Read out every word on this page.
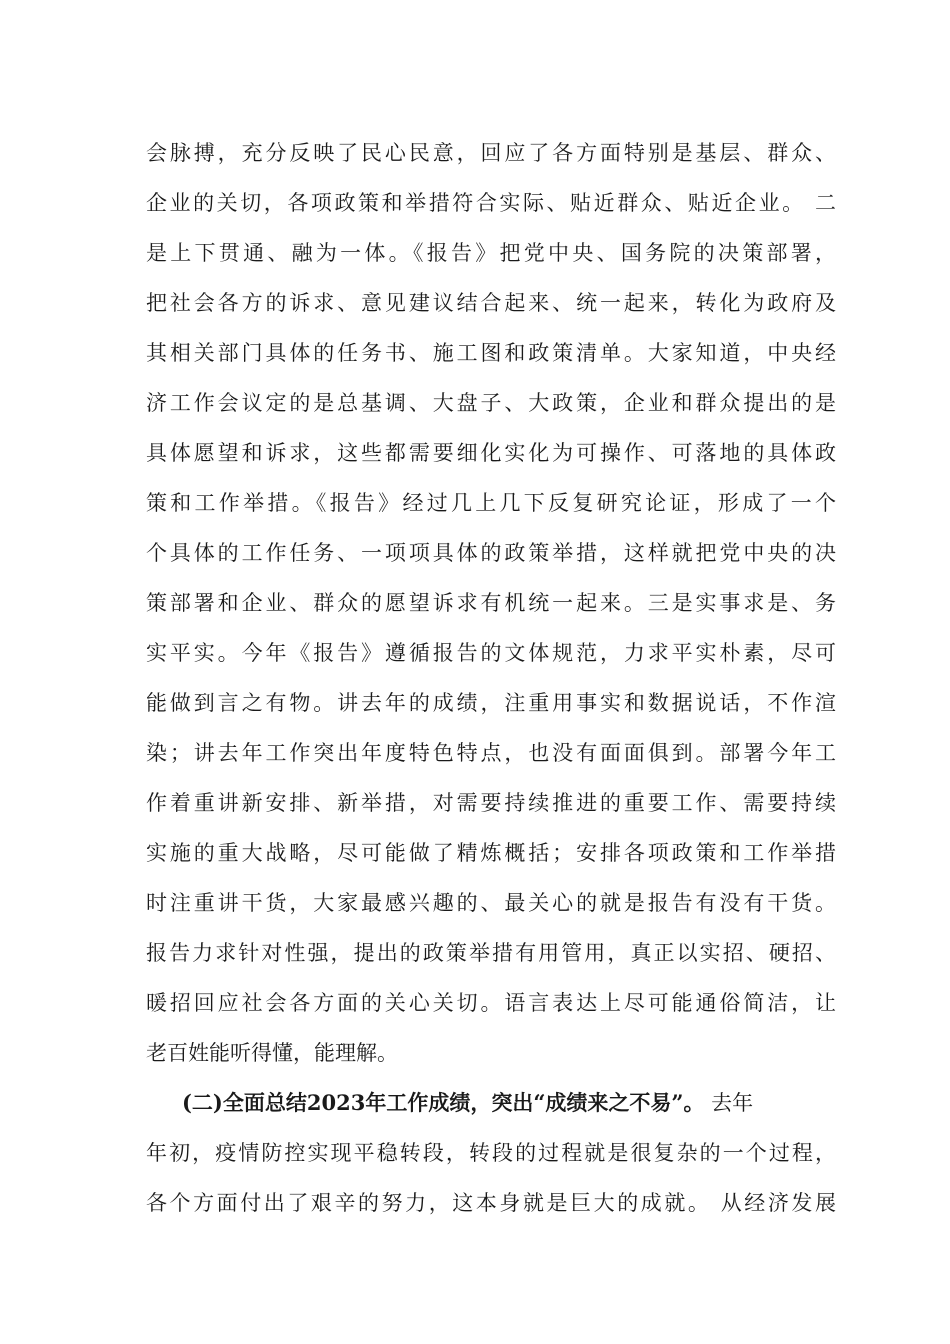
会脉搏，充分反映了民心民意，回应了各方面特别是基层、群众、
企业的关切，各项政策和举措符合实际、贴近群众、贴近企业。 二
是上下贯通、融为一体。《报告》把党中央、国务院的决策部署，
把社会各方的诉求、意见建议结合起来、统一起来，转化为政府及
其相关部门具体的任务书、施工图和政策清单。大家知道，中央经
济工作会议定的是总基调、大盘子、大政策，企业和群众提出的是
具体愿望和诉求，这些都需要细化实化为可操作、可落地的具体政
策和工作举措。《报告》经过几上几下反复研究论证，形成了一个
个具体的工作任务、一项项具体的政策举措，这样就把党中央的决
策部署和企业、群众的愿望诉求有机统一起来。三是实事求是、务
实平实。今年《报告》遵循报告的文体规范，力求平实朴素，尽可
能做到言之有物。讲去年的成绩，注重用事实和数据说话，不作渲
染；讲去年工作突出年度特色特点，也没有面面俱到。部署今年工
作着重讲新安排、新举措，对需要持续推进的重要工作、需要持续
实施的重大战略，尽可能做了精炼概括；安排各项政策和工作举措
时注重讲干货，大家最感兴趣的、最关心的就是报告有没有干货。
报告力求针对性强，提出的政策举措有用管用，真正以实招、硬招、
暖招回应社会各方面的关心关切。语言表达上尽可能通俗简洁，让
老百姓能听得懂，能理解。
(二)全面总结2023年工作成绩，突出“成绩来之不易”。 去年
年初，疫情防控实现平稳转段，转段的过程就是很复杂的一个过程，
各个方面付出了艰辛的努力，这本身就是巨大的成就。 从经济发展
